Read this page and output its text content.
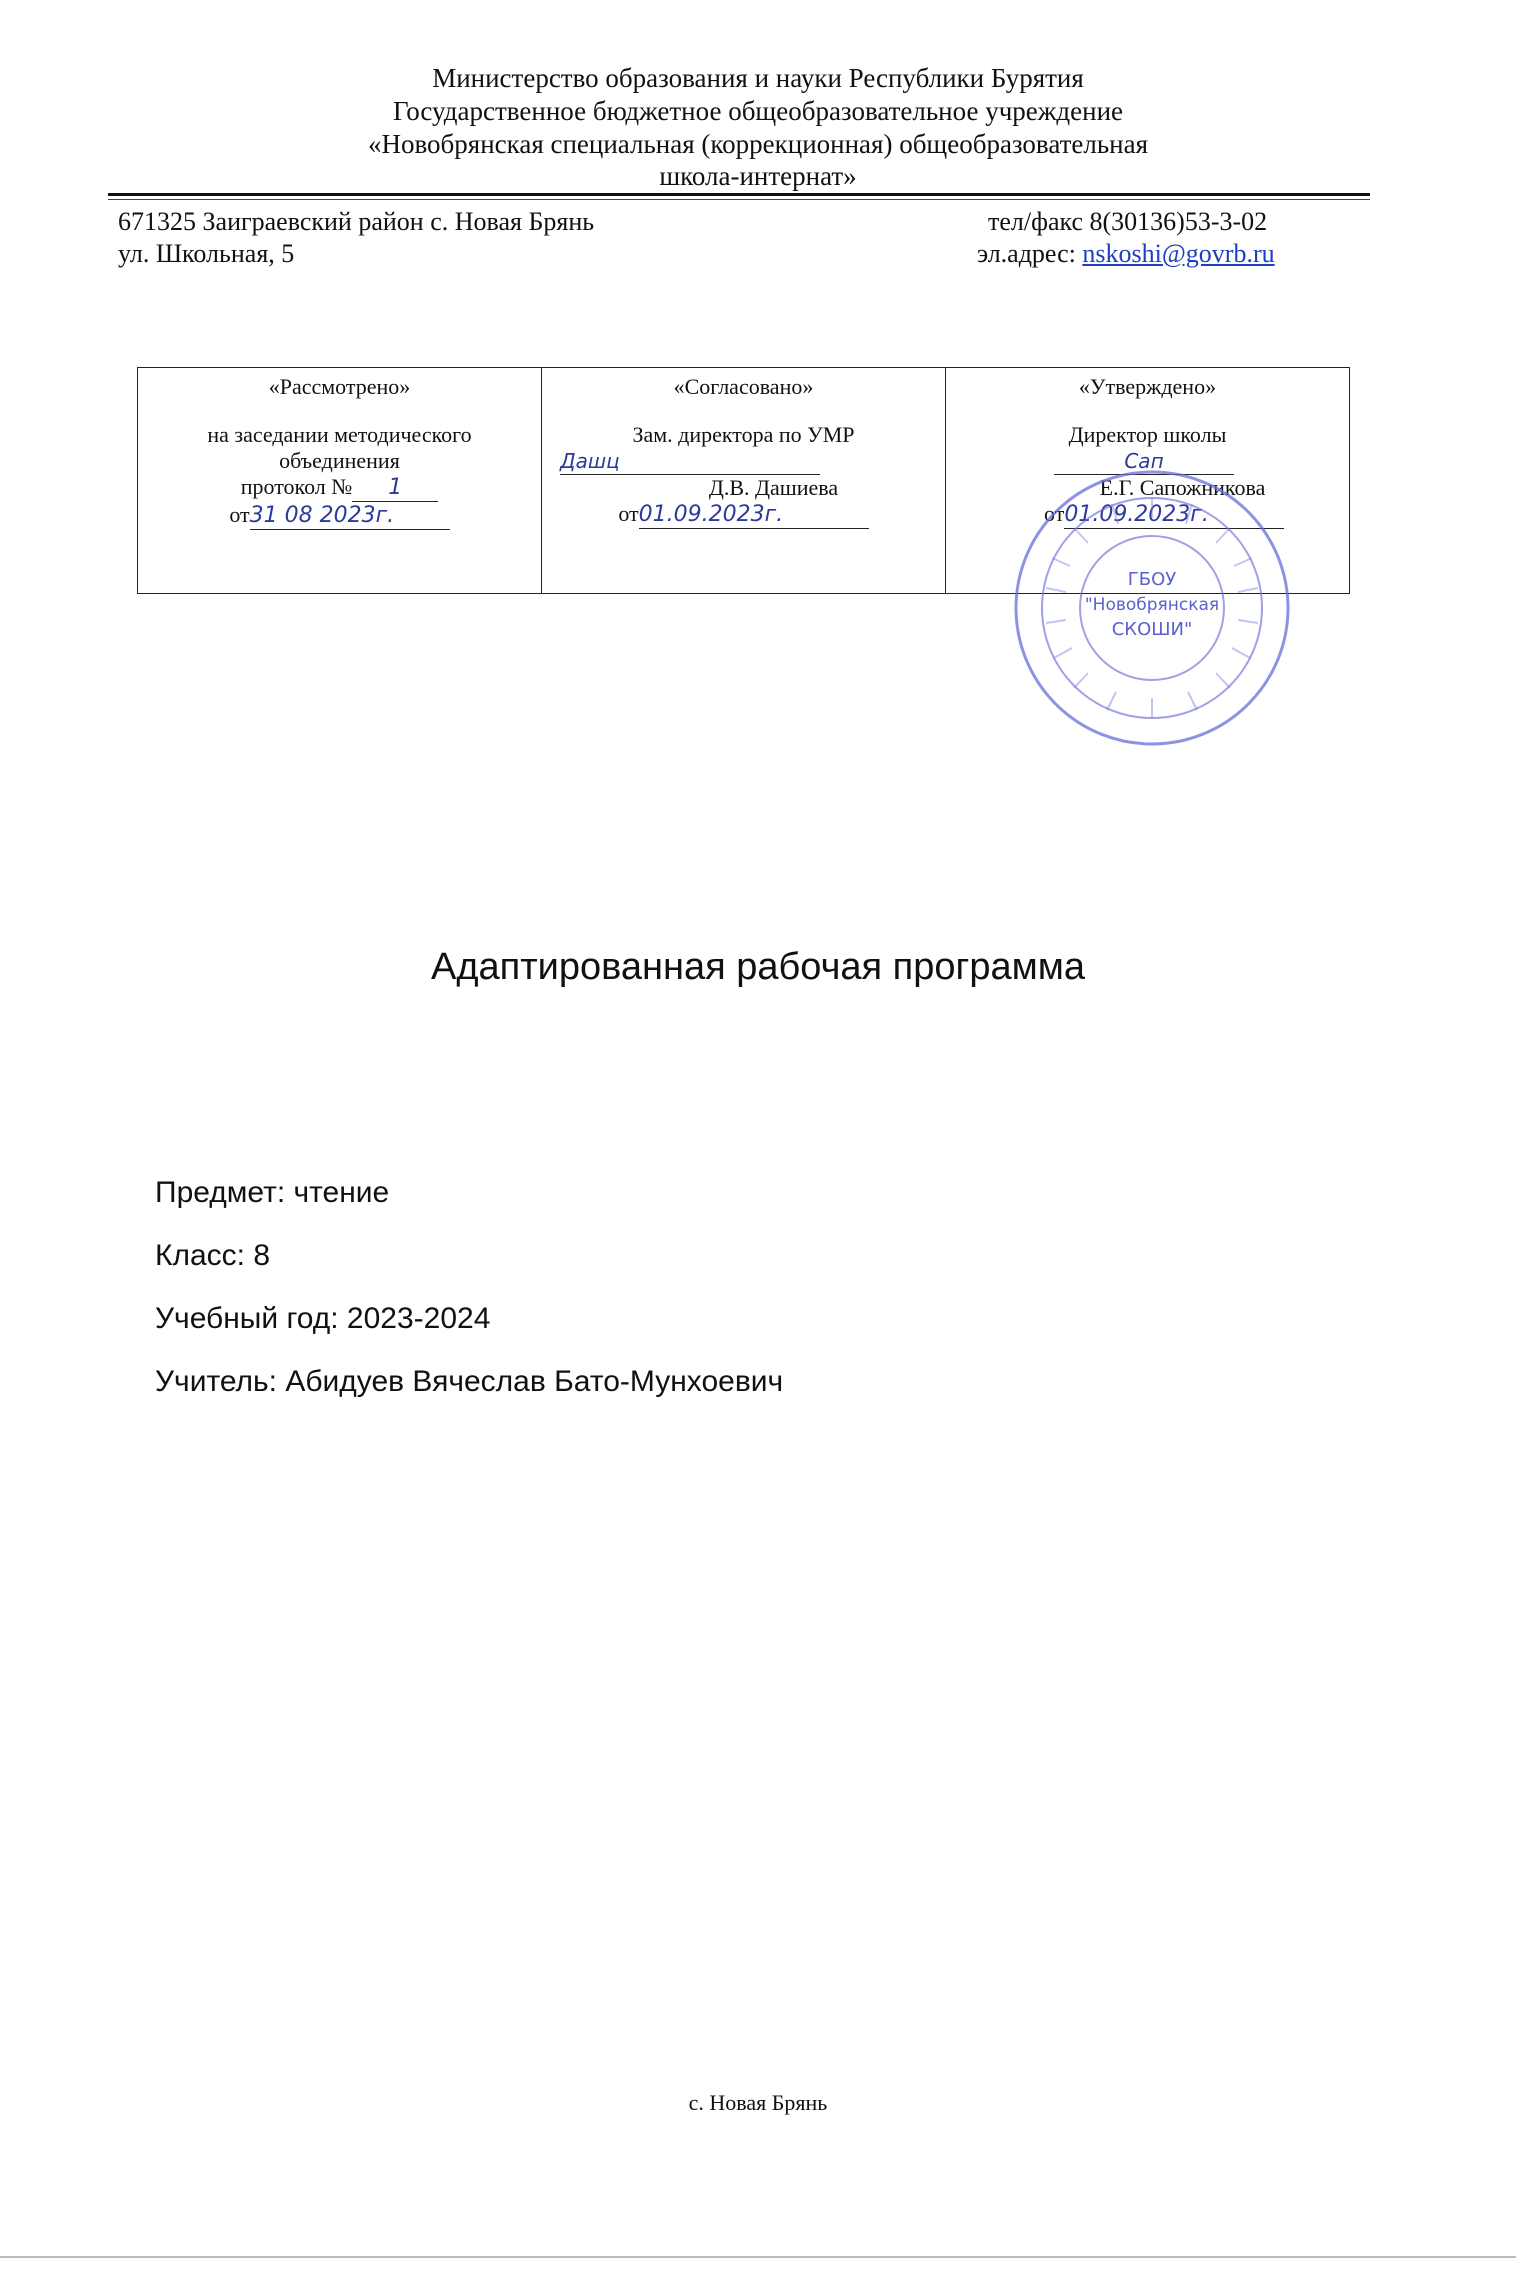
Министерство образования и науки Республики Бурятия
Государственное бюджетное общеобразовательное учреждение
«Новобрянская специальная (коррекционная) общеобразовательная
школа-интернат»
671325 Заиграевский район с. Новая Брянь
ул. Школьная, 5
тел/факс 8(30136)53-3-02
эл.адрес: nskoshi@govrb.ru
«Рассмотрено»
на заседании методического
объединения
протокол № 1
от31 08 2023г.

«Согласовано»
Зам. директора по УМР
Дашц
Д.В. Дашиева
от01.09.2023г.

«Утверждено»
Директор школы
Сап
Е.Г. Сапожникова
от01.09.2023г.
ГБОУ
"Новобрянская
СКОШИ"
Адаптированная рабочая программа
Предмет: чтение
Класс: 8
Учебный год: 2023-2024
Учитель: Абидуев Вячеслав Бато-Мунхоевич
с. Новая Брянь
